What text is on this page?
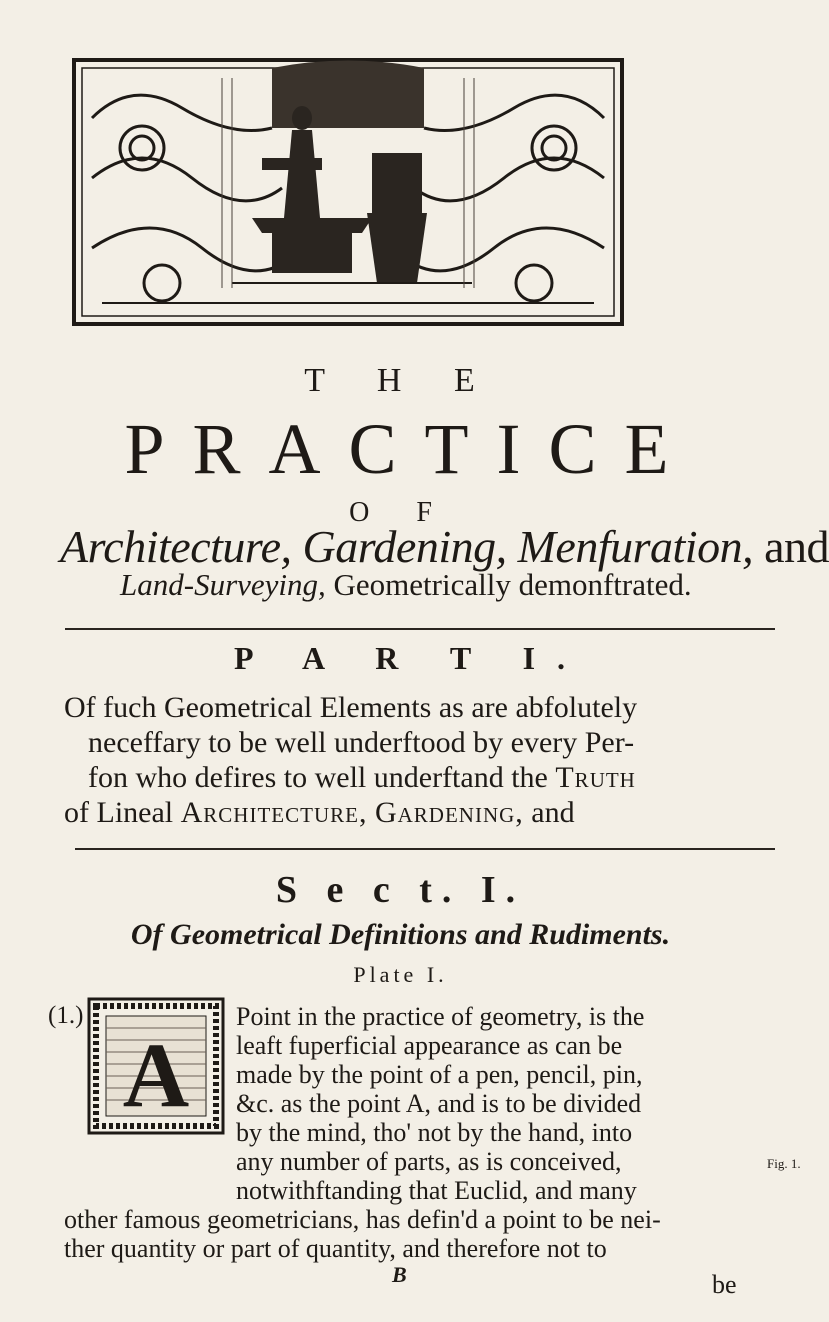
T H E
PRACTICE
O F
Architecture, Gardening, Menfuration, and
Land-Surveying, Geometrically demonftrated.
P A R T I.
Of fuch Geometrical Elements as are abfolutely
neceffary to be well underftood by every Per-
fon who defires to well underftand the Truth
of Lineal Architecture, Gardening, and
S e c t. I.
Of Geometrical Definitions and Rudiments.
Plate I.
(1.)
A
Point in the practice of geometry, is the
leaft fuperficial appearance as can be
made by the point of a pen, pencil, pin,
&c. as the point A, and is to be divided
by the mind, tho' not by the hand, into
any number of parts, as is conceived,	Fig. 1.
notwithftanding that Euclid, and many
other famous geometricians, has defin'd a point to be nei-
ther quantity or part of quantity, and therefore not to
B	be
